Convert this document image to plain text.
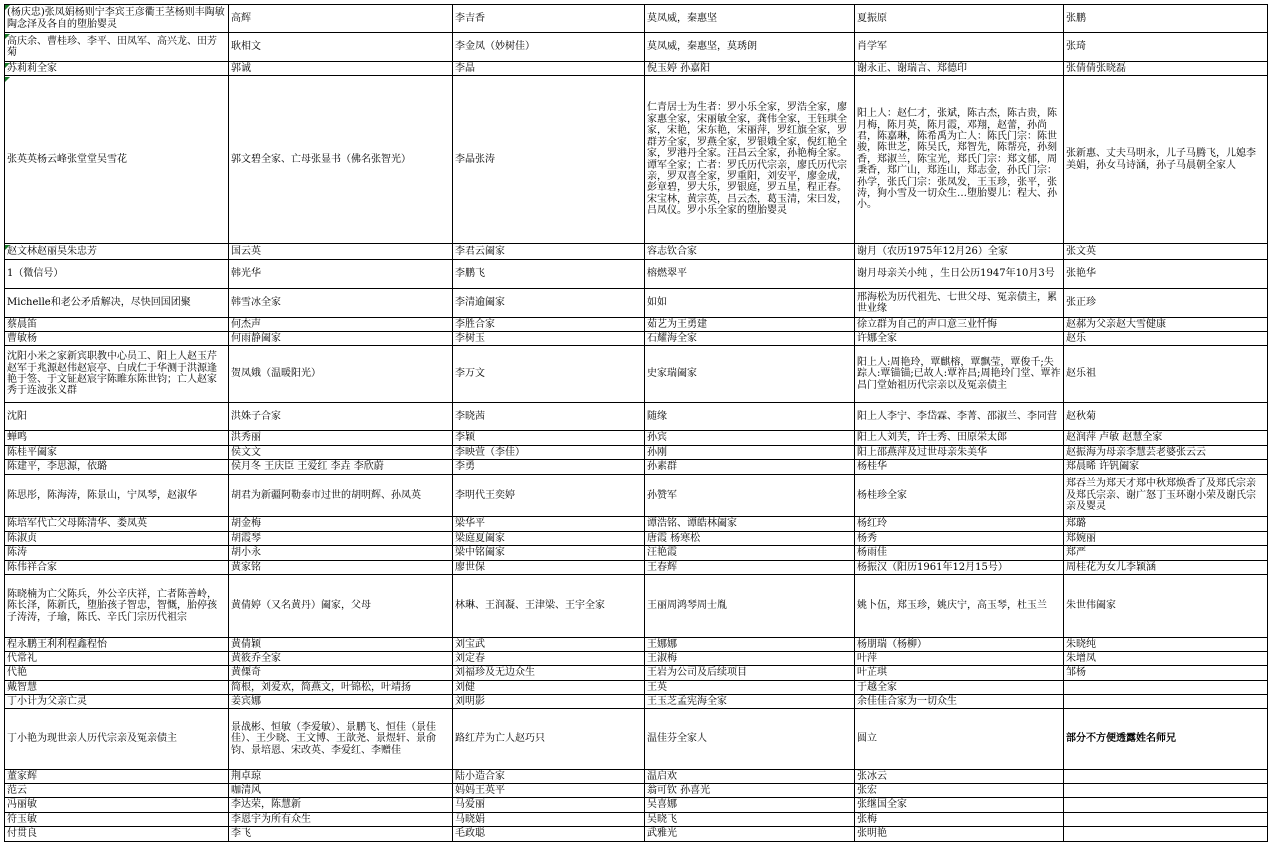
(杨庆忠)张凤娟杨则宁李宾王彦衢王茎杨则丰陶敏陶念泽及各自的堕胎婴灵	高辉	李吉香	莫凤威，秦惠坚	夏振原	张鹏
高庆余、曹桂珍、李平、田凤军、高兴龙、田芳菊	耿相文	李金凤（妙树佳）	莫凤威，秦惠坚，莫琇朗	肖学军	张琦
苏莉莉全家	郭诚	李晶	倪玉婷 孙嘉阳	谢永正、谢瑞言、郑德印	张倩倩张晓磊
张英英杨云峰张堂堂吴雪花	郭文碧全家、亡母张显书（佛名张智光）	李晶张涛	仁青居士为生者：罗小乐全家，罗浩全家，廖家惠全家，宋丽敏全家，龚伟全家，王钰琪全家，宋艳，宋东艳，宋丽萍，罗红旗全家，罗群芳全家，罗燕全家，罗银娥全家，倪红艳全家，罗港丹全家。汪昌云全家，孙艳梅全家。谭军全家；亡者：罗氏历代宗亲，廖氏历代宗亲，罗双喜全家，罗重阳，刘安平，廖金成，彭章碧，罗大乐，罗银庭，罗五星，程正春。宋宝林，黄宗英，吕云杰，葛玉清，宋曰发，吕凤仪。罗小乐全家的堕胎婴灵	阳上人：赵仁才，张斌，陈古杰，陈古贵，陈月梅，陈月英，陈月霞，邓翔，赵蕾，孙尚君，陈嘉琳，陈希禹为亡人：陈氏门宗：陈世骏，陈世芝，陈吴氏，郑智先，陈帮亮，孙刻香，郑淑兰，陈宝光，郑氏门宗：郑文郁，周秉香，郑广山，郑连山，郑志金，孙氏门宗：孙学，张氏门宗：张凤发，王玉珍，张平，张涛，狗小雪及一切众生…堕胎婴儿：程大、孙小。	张新惠、丈夫马明永，儿子马腾飞，儿媳李美娟，孙女马诗涵，孙子马晨朝全家人
赵文林赵丽昊朱忠芳	国云英	李君云阖家	容志钦合家	谢月（农历1975年12月26）全家	张文英
1（微信号）	韩光华	李鹏飞	榕燃翠平	谢月母亲关小纯 ，生日公历1947年10月3号	张艳华
Michelle和老公矛盾解决，尽快回国团聚	韩雪冰全家	李清逾阖家	如如	邢海松为历代祖先、七世父母、冤亲债主，累世业缘	张正珍
蔡晨笛	何杰声	李胜合家	茹艺为王勇建	徐立群为自己的声口意三业忏悔	赵郝为父亲赵大雪健康
曹敏杨	何雨静阖家	李树玉	石耀海全家	许娜全家	赵乐
沈阳小米之家新宾职教中心员工、阳上人赵玉芹赵军于兆源赵伟赵宸亭、白成仁于华测于洪源逢艳于签、于文钲赵宸宇陈睢东陈世钧；亡人赵家秀于连波张义群	贺凤娥（温暖阳光）	李万文	史家瑞阖家	阳上人:周艳玲，覃麒榕，覃飘莹，覃俊千;失踪人:覃锚锚;已故人:覃祚昌;周艳玲门堂、覃祚昌门堂始祖历代宗亲以及冤亲债主	赵乐祖
沈阳	洪姝子合家	李晓茜	随缘	阳上人李宁、李岱霖、李菁、邵淑兰、李同营	赵秋菊
蝉鸣	洪秀丽	李颖	孙宾	阳上人刘芙，许士秀、田原栄太郎	赵润萍 卢敏 赵慧全家
陈桂平阖家	侯文文	李映萱（李佳）	孙刚	阳上邵燕萍及过世母亲朱美华	赵振海为母亲李慧芸老婆张云云
陈建平，李思源，依璐	侯月冬 王庆臣 王爱红 李垚 李欣蔚	李勇	孙素群	杨桂华	郑晨晞 许钒阖家
陈思彤，陈海涛，陈景山，宁凤琴，赵淑华	胡君为新疆阿勒泰市过世的胡明辉、孙凤英	李明代王奕婷	孙赞军	杨桂珍全家	郑吞兰为郑天才郑中秋郑焕香了及郑氏宗亲及郑氏宗亲、谢广怒丁玉环谢小荣及谢氏宗亲及婴灵
陈培军代亡父母陈清华、娄凤英	胡金梅	梁华平	谭浩铭、谭皓林阖家	杨红玲	郑璐
陈淑贞	胡霞琴	梁庭夏阖家	唐霞 杨寒松	杨秀	郑婉丽
陈涛	胡小永	梁中铭阖家	汪艳霞	杨雨佳	郑严
陈伟祥合家	黄家铭	廖世保	王春辉	杨振汉（阳历1961年12月15号）	周桂花为女儿李颖涵
陈晓楠为亡父陈兵，外公辛庆祥，亡者陈善岭，陈长泽，陈新氏，堕胎孩子智忠，智慨，胎停孩子涛涛，子瑜，陈氏、辛氏门宗历代祖宗	黄倩婷（又名黄丹）阖家，父母	林琳、王润凝、王津梁、王宇全家	王丽周鸿琴周士胤	姚卜伍，郑玉珍，姚庆宁，高玉琴，杜玉兰	朱世伟阖家
程永鹏王利利程鑫程怡	黄倩颖	刘宝武	王娜娜	杨朋瑞（杨柳）	朱晓纯
代常礼	黄筱乔全家	刘定春	王淑梅	叶萍	朱增凤
代艳	黄傈奇	刘福珍及无边众生	王岩为公司及后续项目	叶芷琪	邹杨
戴智慧	简根，刘爱欢，简燕文，叶锦松，叶靖扬	刘健	王英	于越全家	
丁小计为父亲亡灵	姜宾娜	刘明影	王玉芝孟宪海全家	余佳佳合家为一切众生	
丁小艳为现世亲人历代宗亲及冤亲债主	景战彬、恒敏（李爱敏）、景鹏飞、恒佳（景佳佳）、王少晓、王文博、王歆尧、景煜轩、景俞钧、景培恩、宋改英、李爱红、李赠佳	路红芹为亡人赵巧只	温佳芬全家人	圆立	部分不方便透露姓名师兄
董家辉	荆卓琼	陆小造合家	温启欢	张冰云	
范云	咖清风	妈妈王英平	翁可钦 孙喜光	张宏	
冯丽敏	李达荣，陈慧新	马爱丽	吴喜娜	张继国全家	
符玉敏	李恩宇为所有众生	马晓娟	吴晓飞	张梅	
付贯良	李飞	毛政聪	武雅光	张明艳	
